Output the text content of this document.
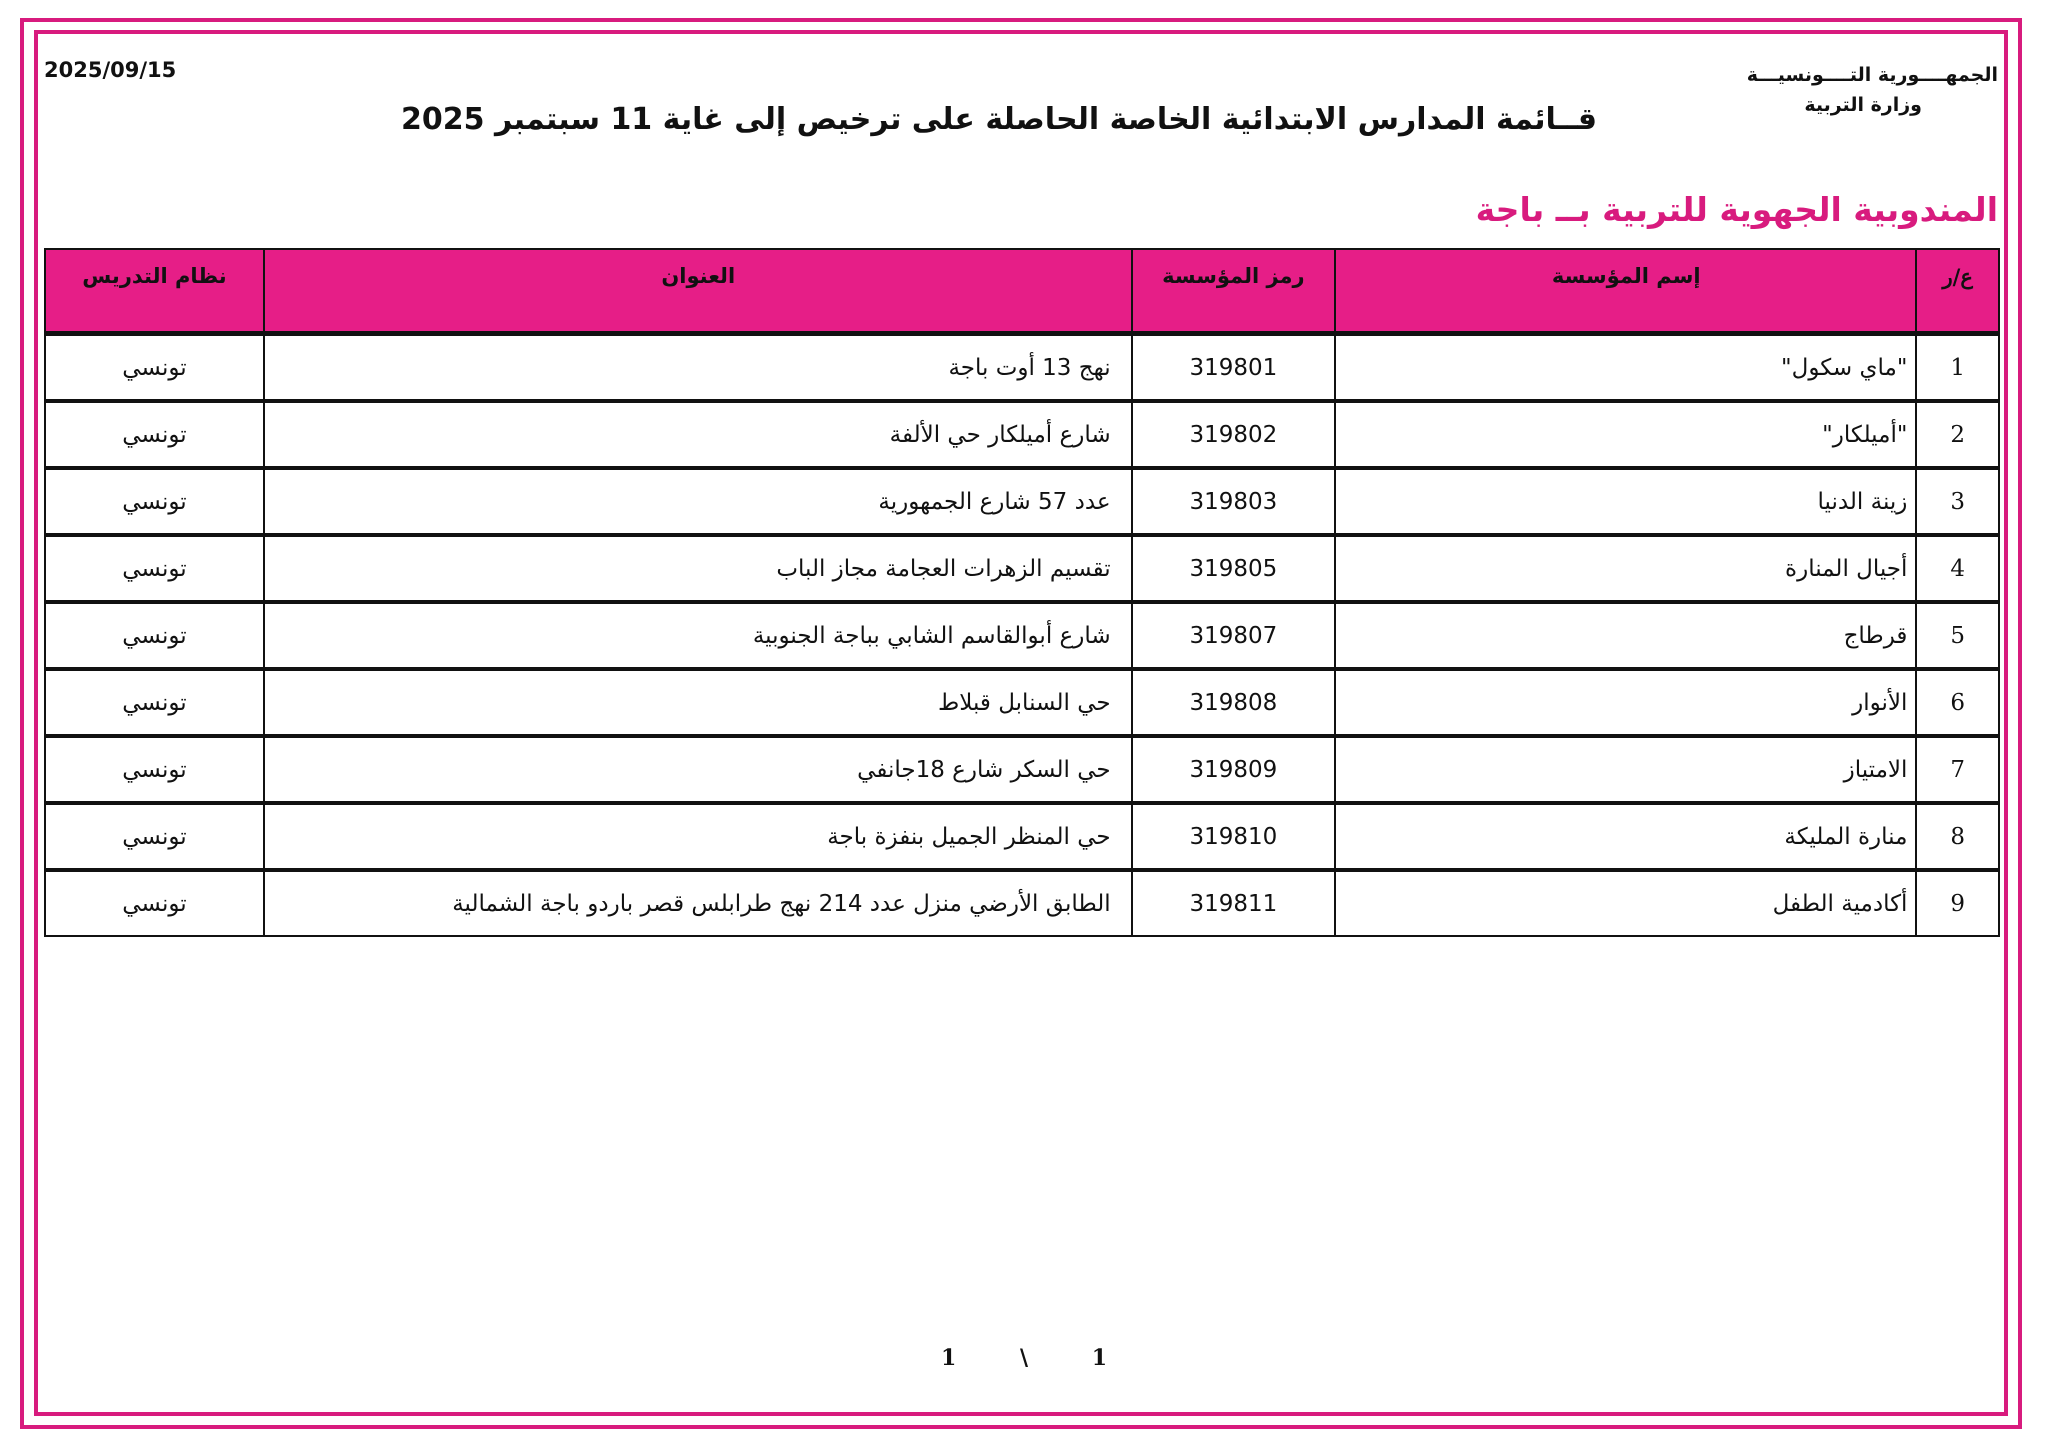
الجمهــــورية التــــونسيـــة
وزارة التربية
2025/09/15
قــائمة المدارس الابتدائية الخاصة الحاصلة على ترخيص إلى غاية 11 سبتمبر 2025
المندوبية الجهوية للتربية بــ باجة
ع/ر	إسم المؤسسة	رمز المؤسسة	العنوان	نظام التدريس
1	"ماي سكول"	319801	نهج 13 أوت باجة	تونسي
2	"أميلكار"	319802	شارع أميلكار حي الألفة	تونسي
3	زينة الدنيا	319803	عدد 57 شارع الجمهورية	تونسي
4	أجيال المنارة	319805	تقسيم الزهرات العجامة مجاز الباب	تونسي
5	قرطاج	319807	شارع أبوالقاسم الشابي بباجة الجنوبية	تونسي
6	الأنوار	319808	حي السنابل قبلاط	تونسي
7	الامتياز	319809	حي السكر شارع 18جانفي	تونسي
8	منارة المليكة	319810	حي المنظر الجميل بنفزة باجة	تونسي
9	أكادمية الطفل	319811	الطابق الأرضي منزل عدد 214 نهج طرابلس قصر باردو باجة الشمالية	تونسي
1	\	1
